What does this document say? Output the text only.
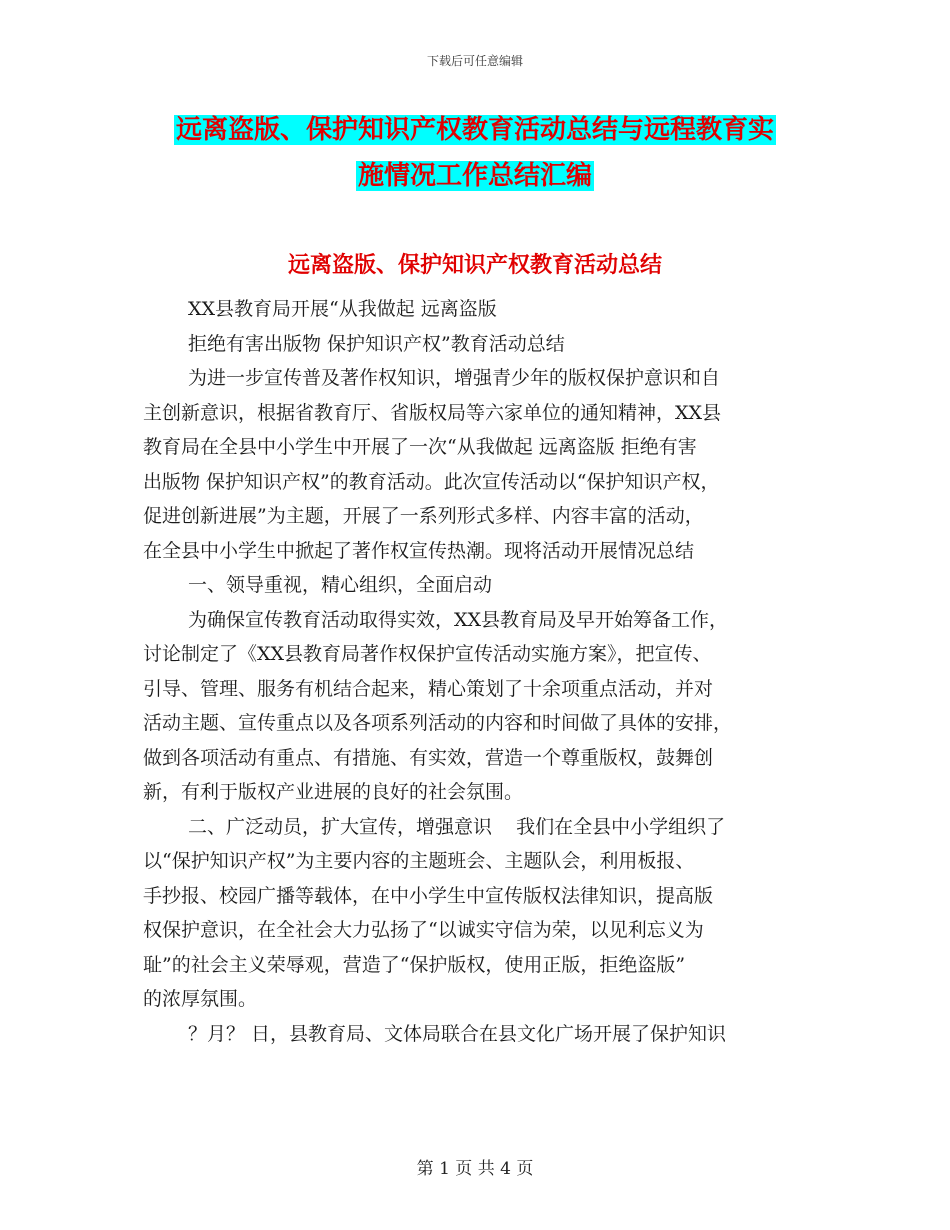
下载后可任意编辑
远离盗版、保护知识产权教育活动总结与远程教育实
施情况工作总结汇编
远离盗版、保护知识产权教育活动总结
XX县教育局开展“从我做起 远离盗版
拒绝有害出版物 保护知识产权”教育活动总结
为进一步宣传普及著作权知识，增强青少年的版权保护意识和自
主创新意识，根据省教育厅、省版权局等六家单位的通知精神，XX县
教育局在全县中小学生中开展了一次“从我做起 远离盗版 拒绝有害
出版物 保护知识产权”的教育活动。此次宣传活动以“保护知识产权，
促进创新进展”为主题，开展了一系列形式多样、内容丰富的活动，
在全县中小学生中掀起了著作权宣传热潮。现将活动开展情况总结
一、领导重视，精心组织，全面启动
为确保宣传教育活动取得实效，XX县教育局及早开始筹备工作，
讨论制定了《XX县教育局著作权保护宣传活动实施方案》，把宣传、
引导、管理、服务有机结合起来，精心策划了十余项重点活动，并对
活动主题、宣传重点以及各项系列活动的内容和时间做了具体的安排，
做到各项活动有重点、有措施、有实效，营造一个尊重版权，鼓舞创
新，有利于版权产业进展的良好的社会氛围。
二、广泛动员，扩大宣传，增强意识    我们在全县中小学组织了
以“保护知识产权”为主要内容的主题班会、主题队会，利用板报、
手抄报、校园广播等载体，在中小学生中宣传版权法律知识，提高版
权保护意识，在全社会大力弘扬了“以诚实守信为荣，以见利忘义为
耻”的社会主义荣辱观，营造了“保护版权，使用正版，拒绝盗版”
的浓厚氛围。
？月？ 日，县教育局、文体局联合在县文化广场开展了保护知识
第 1 页 共 4 页
